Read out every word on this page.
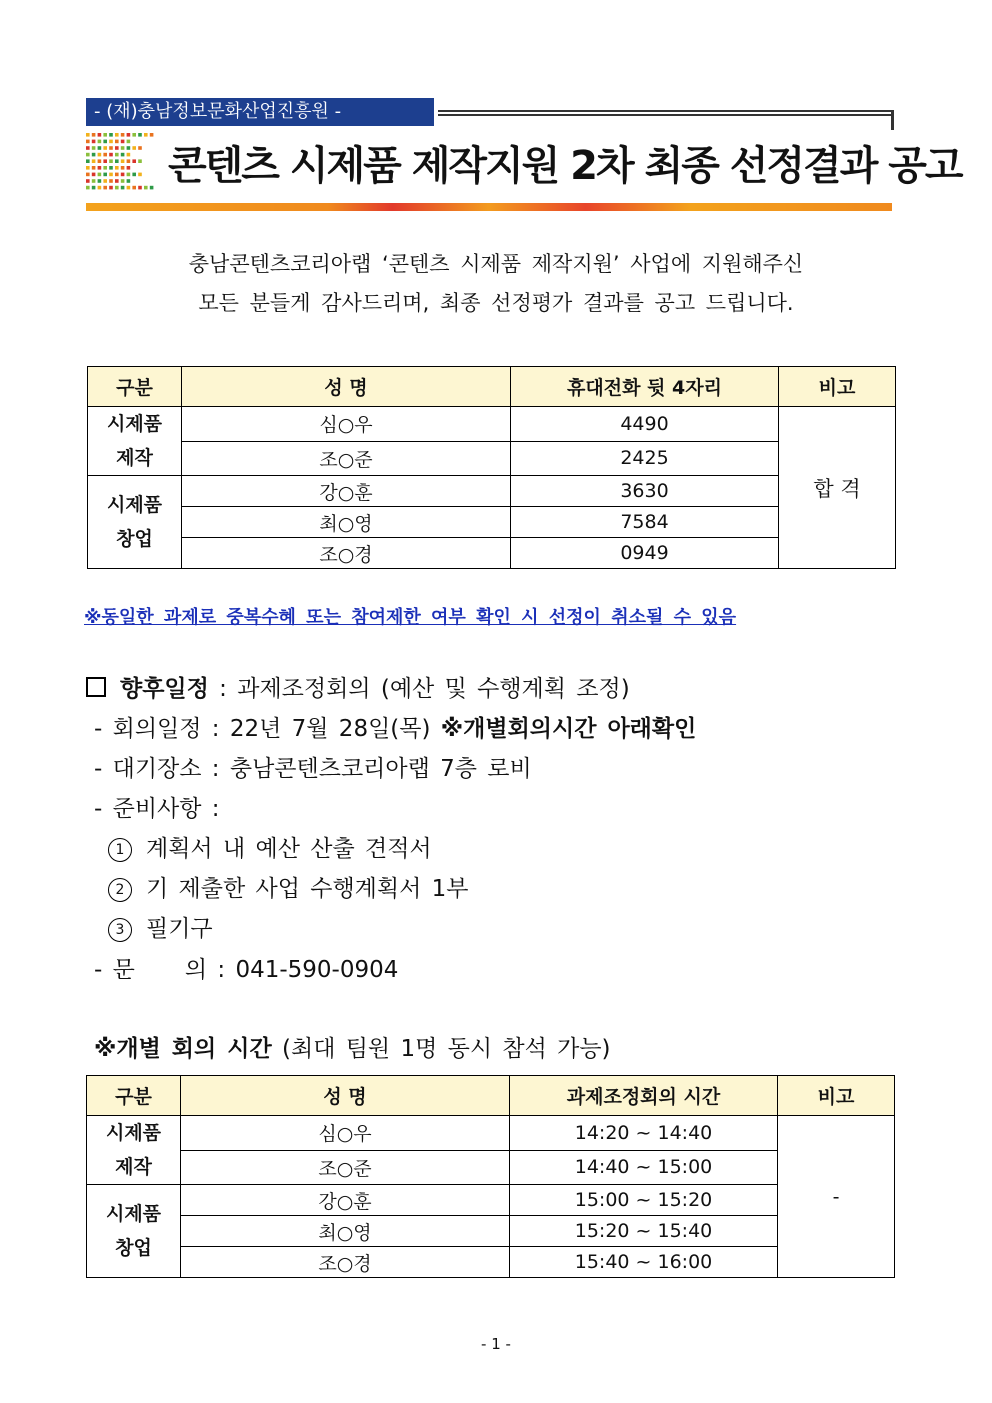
- (재)충남정보문화산업진흥원 -
콘텐츠 시제품 제작지원 2차 최종 선정결과 공고
충남콘텐츠코리아랩 ‘콘텐츠 시제품 제작지원’ 사업에 지원해주신
모든 분들게 감사드리며, 최종 선정평가 결과를 공고 드립니다.
구분	성 명	휴대전화 뒷 4자리	비고
시제품
제작	심○우	4490	합 격
	조○준	2425	
시제품
창업	강○훈	3630	
	최○영	7584	
	조○경	0949	
※동일한 과제로 중복수혜 또는 참여제한 여부 확인 시 선정이 취소될 수 있음
향후일정 : 과제조정회의 (예산 및 수행계획 조정)
- 회의일정 : 22년 7월 28일(목) ※개별회의시간 아래확인
- 대기장소 : 충남콘텐츠코리아랩 7층 로비
- 준비사항 :
1 계획서 내 예산 산출 견적서
2 기 제출한 사업 수행계획서 1부
3 필기구
- 문 의 : 041-590-0904
※개별 회의 시간 (최대 팀원 1명 동시 참석 가능)
구분	성 명	과제조정회의 시간	비고
시제품
제작	심○우	14:20 ~ 14:40	-
	조○준	14:40 ~ 15:00	
시제품
창업	강○훈	15:00 ~ 15:20	
	최○영	15:20 ~ 15:40	
	조○경	15:40 ~ 16:00	
- 1 -
